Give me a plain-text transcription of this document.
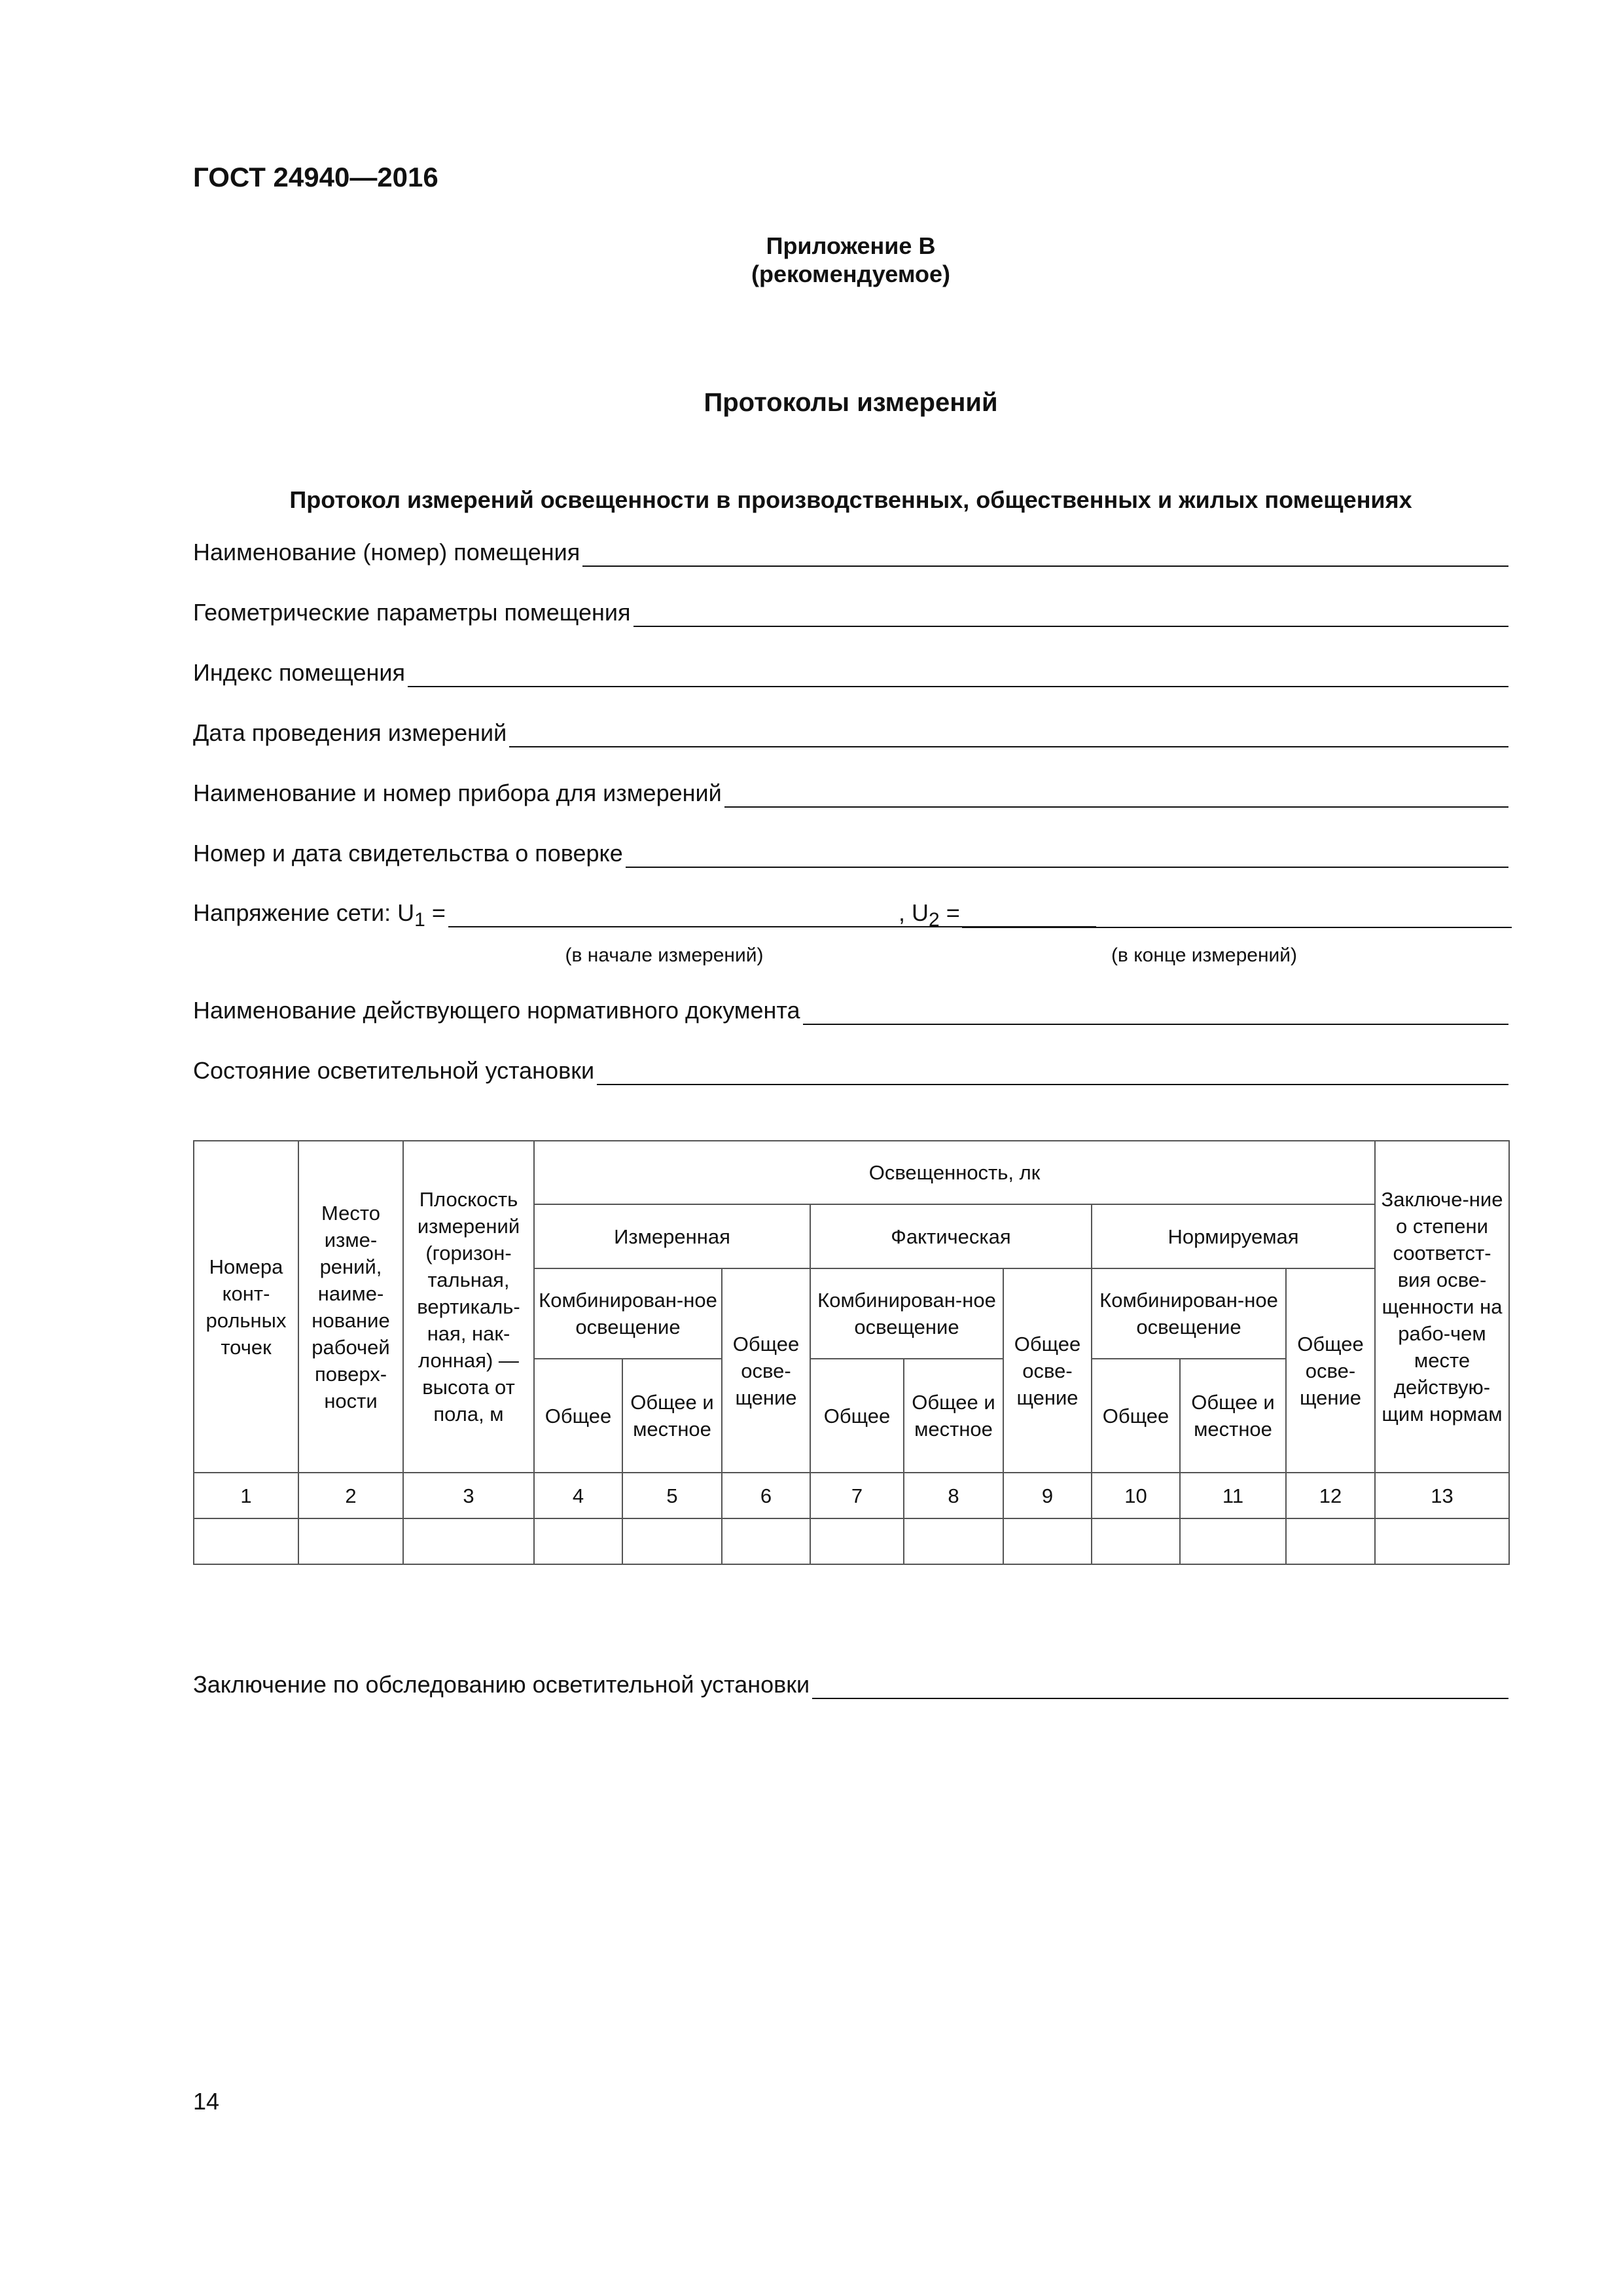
ГОСТ 24940—2016
Приложение В
(рекомендуемое)
Протоколы измерений
Протокол измерений освещенности в производственных, общественных и жилых помещениях
Наименование (номер) помещения
Геометрические параметры помещения
Индекс помещения
Дата проведения измерений
Наименование и номер прибора для измерений
Номер и дата свидетельства о поверке
Напряжение сети: $U_1$ =	, $U_2$ =
(в начале измерений)	(в конце измерений)
Наименование действующего нормативного документа
Состояние осветительной установки
Номера конт-рольных точек	Место изме-рений, наиме-нование рабочей поверх-ности	Плоскость измерений (горизон-тальная, вертикаль-ная, нак-лонная) — высота от пола, м	Освещенность, лк									Заключе-ние о степени соответст-вия осве-щенности на рабо-чем месте действую-щим нормам
			Измеренная			Фактическая			Нормируемая			
			Комбинирован-ное освещение		Общее осве-щение	Комбинирован-ное освещение		Общее осве-щение	Комбинирован-ное освещение		Общее осве-щение	
			Общее	Общее и местное		Общее	Общее и местное		Общее	Общее и местное		
1	2	3	4	5	6	7	8	9	10	11	12	13

Заключение по обследованию осветительной установки
14
